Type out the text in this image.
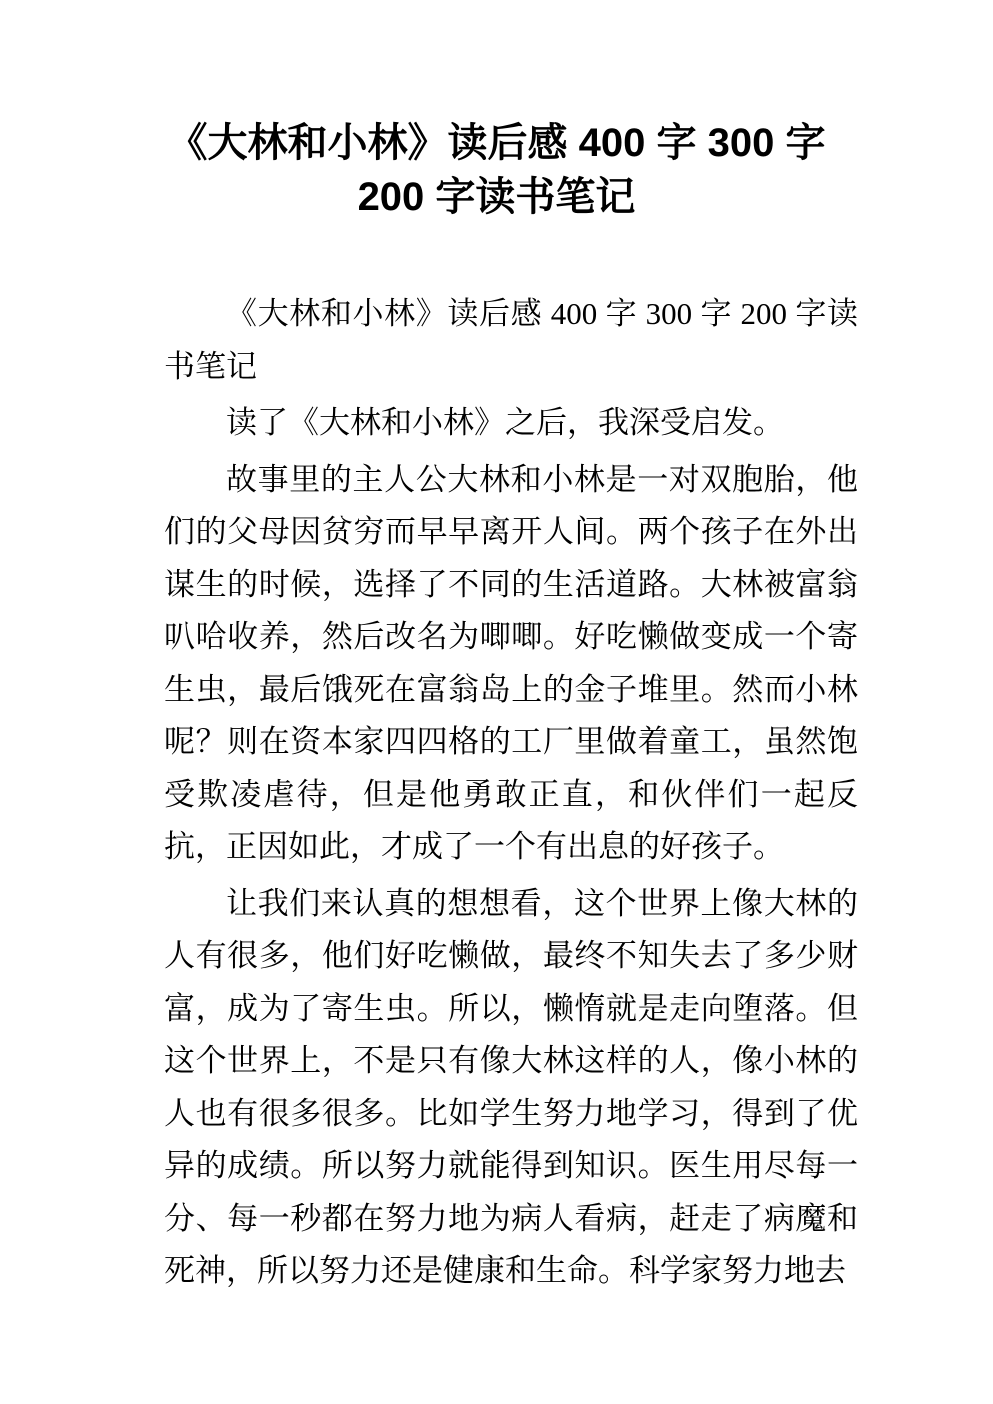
《大林和小林》读后感 400 字 300 字
200 字读书笔记

《大林和小林》读后感 400 字 300 字 200 字读书笔记

读了《大林和小林》之后，我深受启发。

故事里的主人公大林和小林是一对双胞胎，他们的父母因贫穷而早早离开人间。两个孩子在外出谋生的时候，选择了不同的生活道路。大林被富翁叭哈收养，然后改名为唧唧。好吃懒做变成一个寄生虫，最后饿死在富翁岛上的金子堆里。然而小林呢？则在资本家四四格的工厂里做着童工，虽然饱受欺凌虐待，但是他勇敢正直，和伙伴们一起反抗，正因如此，才成了一个有出息的好孩子。

让我们来认真的想想看，这个世界上像大林的人有很多，他们好吃懒做，最终不知失去了多少财富，成为了寄生虫。所以，懒惰就是走向堕落。但这个世界上，不是只有像大林这样的人，像小林的人也有很多很多。比如学生努力地学习，得到了优异的成绩。所以努力就能得到知识。医生用尽每一分、每一秒都在努力地为病人看病，赶走了病魔和死神，所以努力还是健康和生命。科学家努力地去
